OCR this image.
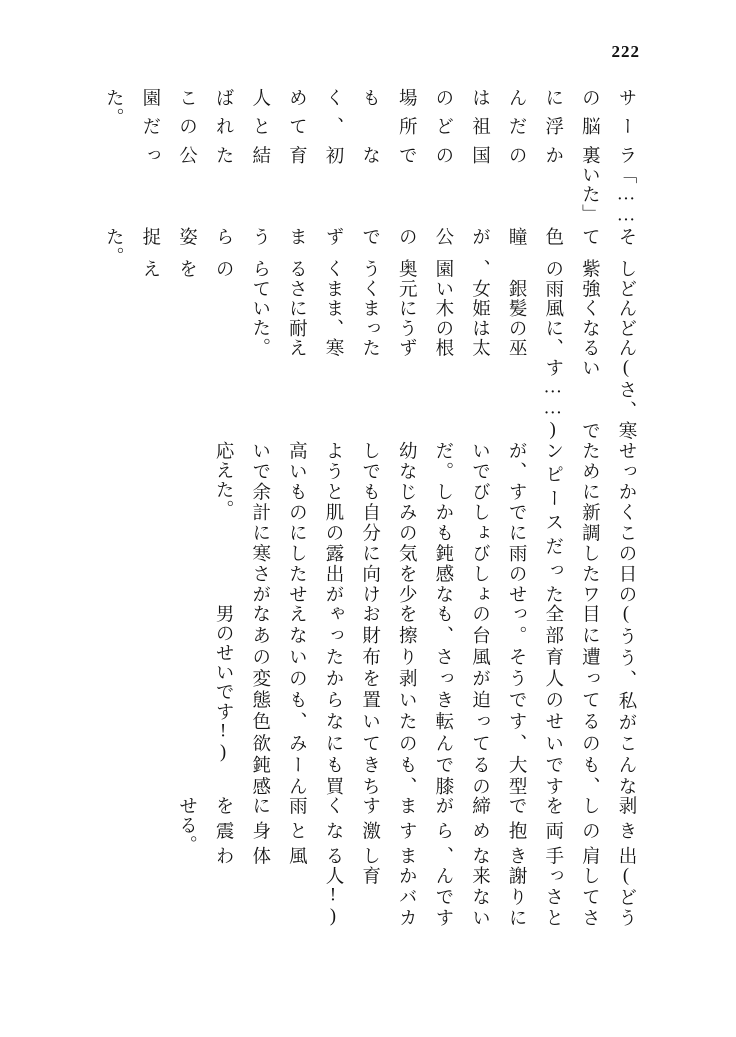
222

サーラの脳裏に浮かんだのは祖国のどの場所でもなく、初めて育人と結ばれたこの公園だった。

「……いた」

そして紫色の瞳が、公園の奥でうずくまるうららの姿を捉えた。

どんどん強くなる雨風に、銀髪の巫女姫は太い木の根元にうずくまったまま、寒さに耐えていた。

(さ、寒いです……)

せっかくこの日のために新調したワンピースだったが、すでに雨のせいでびしょびしょだ。しかも鈍感な幼なじみの気を少しでも自分に向けようと肌の露出が高いものにしたせいで余計に寒さが応えた。

(うう、私がこんな目に遭ってるのも、全部育人のせいですっ。そうです、大型の台風が迫ってるのも、さっき転んで膝を擦り剥いたのも、お財布を置いてきちゃったからなにも買えないのも、みーんなあの変態色欲鈍感男のせいです!)

剥き出しの肩を両手で抱き締めながら、ますます激しくなる雨と風に身体を震わせる。

(どうしてさっさと謝りに来ないんですかバカ育人!)
